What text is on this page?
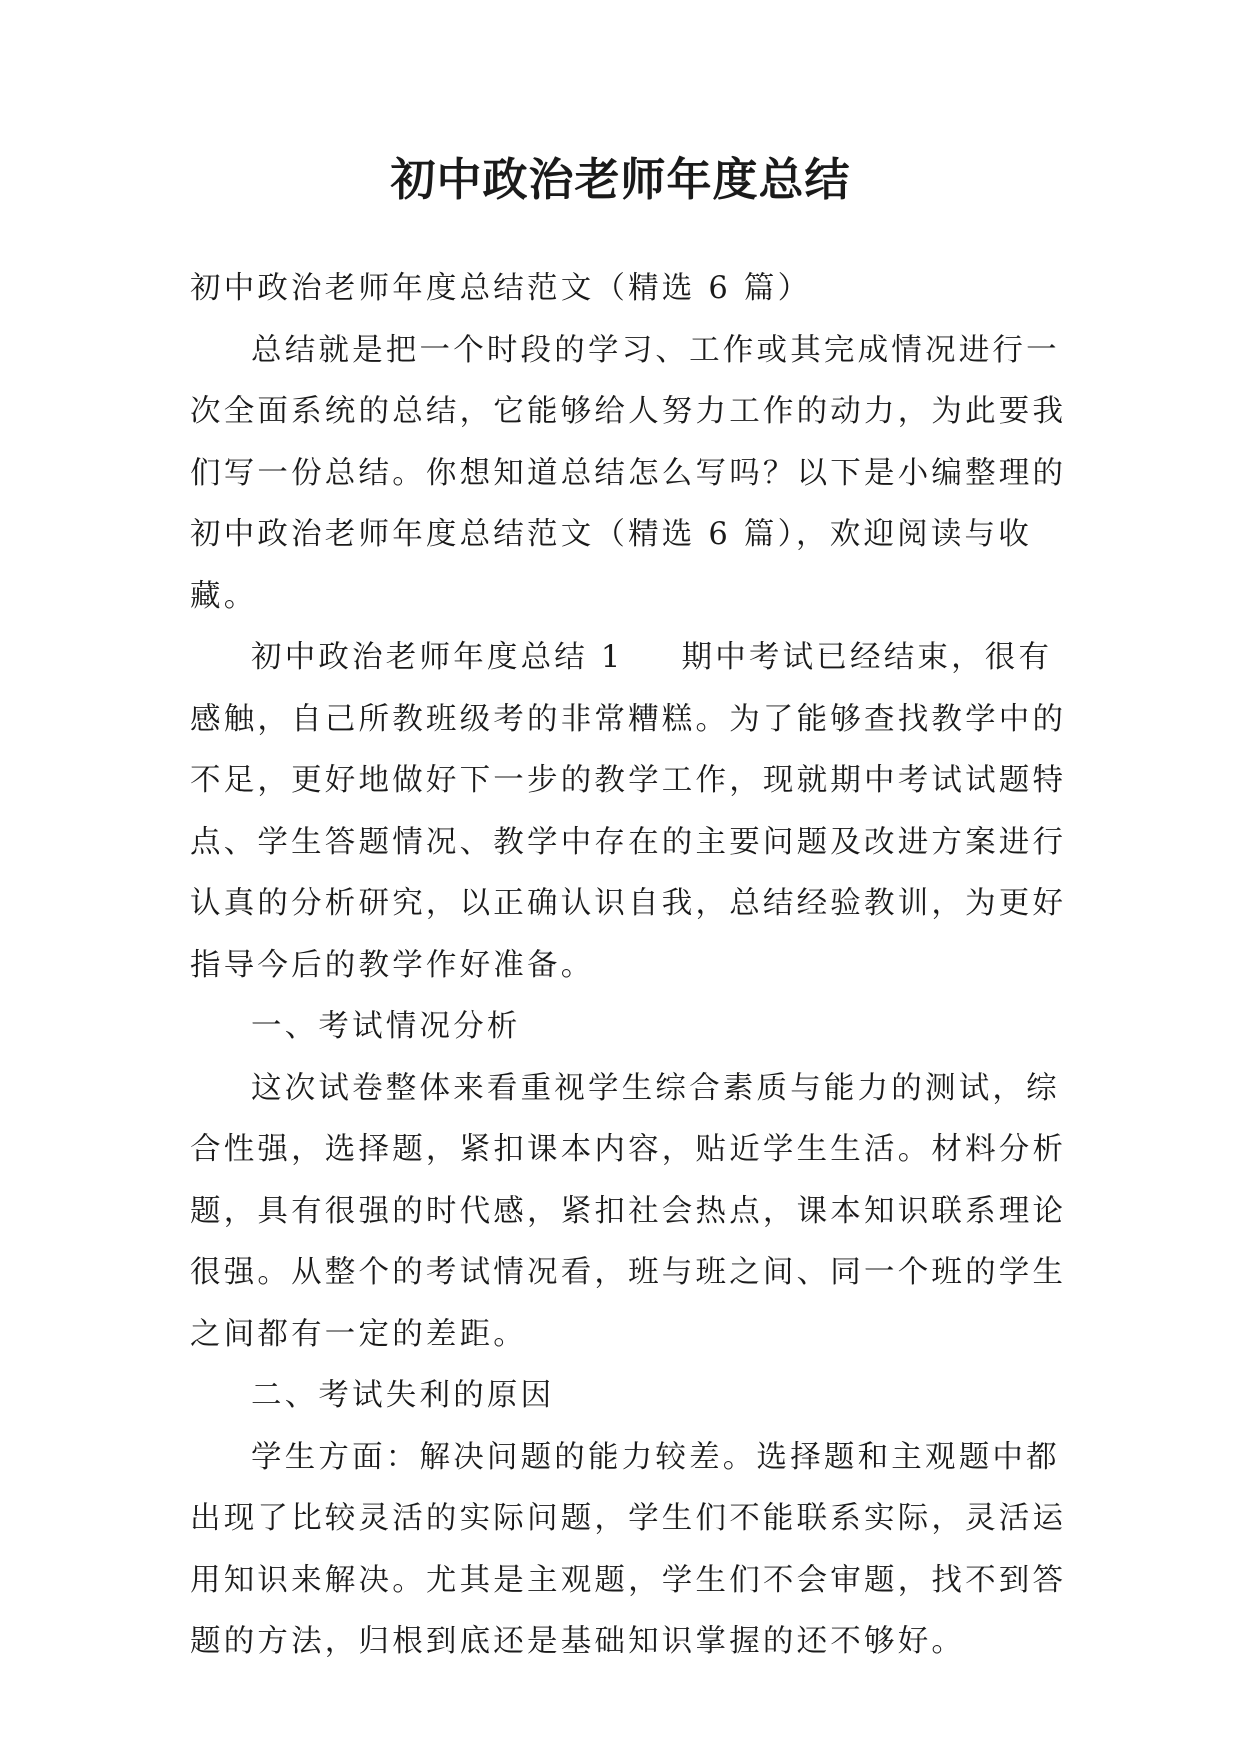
初中政治老师年度总结

初中政治老师年度总结范文（精选 6 篇）

总结就是把一个时段的学习、工作或其完成情况进行一次全面系统的总结，它能够给人努力工作的动力，为此要我们写一份总结。你想知道总结怎么写吗？以下是小编整理的初中政治老师年度总结范文（精选 6 篇），欢迎阅读与收藏。

初中政治老师年度总结 1 期中考试已经结束，很有感触，自己所教班级考的非常糟糕。为了能够查找教学中的不足，更好地做好下一步的教学工作，现就期中考试试题特点、学生答题情况、教学中存在的主要问题及改进方案进行认真的分析研究，以正确认识自我，总结经验教训，为更好指导今后的教学作好准备。

一、考试情况分析

这次试卷整体来看重视学生综合素质与能力的测试，综合性强，选择题，紧扣课本内容，贴近学生生活。材料分析题，具有很强的时代感，紧扣社会热点，课本知识联系理论很强。从整个的考试情况看，班与班之间、同一个班的学生之间都有一定的差距。

二、考试失利的原因

学生方面：解决问题的能力较差。选择题和主观题中都出现了比较灵活的实际问题，学生们不能联系实际，灵活运用知识来解决。尤其是主观题，学生们不会审题，找不到答题的方法，归根到底还是基础知识掌握的还不够好。
